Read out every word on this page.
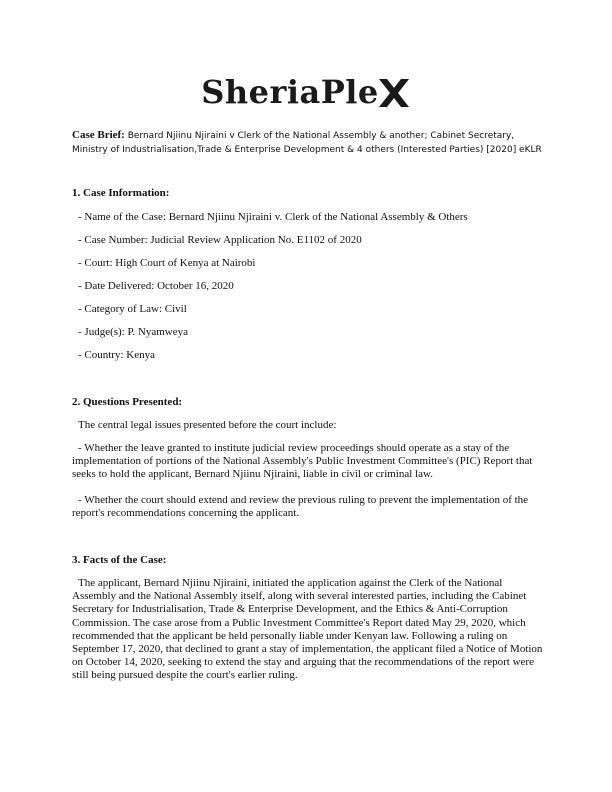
SheriaPle
Case Brief: Bernard Njiinu Njiraini v Clerk of the National Assembly & another; Cabinet Secretary, Ministry of Industrialisation,Trade & Enterprise Development & 4 others (Interested Parties) [2020] eKLR
1. Case Information:
- Name of the Case: Bernard Njiinu Njiraini v. Clerk of the National Assembly & Others
- Case Number: Judicial Review Application No. E1102 of 2020
- Court: High Court of Kenya at Nairobi
- Date Delivered: October 16, 2020
- Category of Law: Civil
- Judge(s): P. Nyamweya
- Country: Kenya
2. Questions Presented:
The central legal issues presented before the court include:
- Whether the leave granted to institute judicial review proceedings should operate as a stay of the implementation of portions of the National Assembly's Public Investment Committee's (PIC) Report that seeks to hold the applicant, Bernard Njiinu Njiraini, liable in civil or criminal law.
- Whether the court should extend and review the previous ruling to prevent the implementation of the report's recommendations concerning the applicant.
3. Facts of the Case:
The applicant, Bernard Njiinu Njiraini, initiated the application against the Clerk of the National Assembly and the National Assembly itself, along with several interested parties, including the Cabinet Secretary for Industrialisation, Trade & Enterprise Development, and the Ethics & Anti-Corruption Commission. The case arose from a Public Investment Committee's Report dated May 29, 2020, which recommended that the applicant be held personally liable under Kenyan law. Following a ruling on September 17, 2020, that declined to grant a stay of implementation, the applicant filed a Notice of Motion on October 14, 2020, seeking to extend the stay and arguing that the recommendations of the report were still being pursued despite the court's earlier ruling.
